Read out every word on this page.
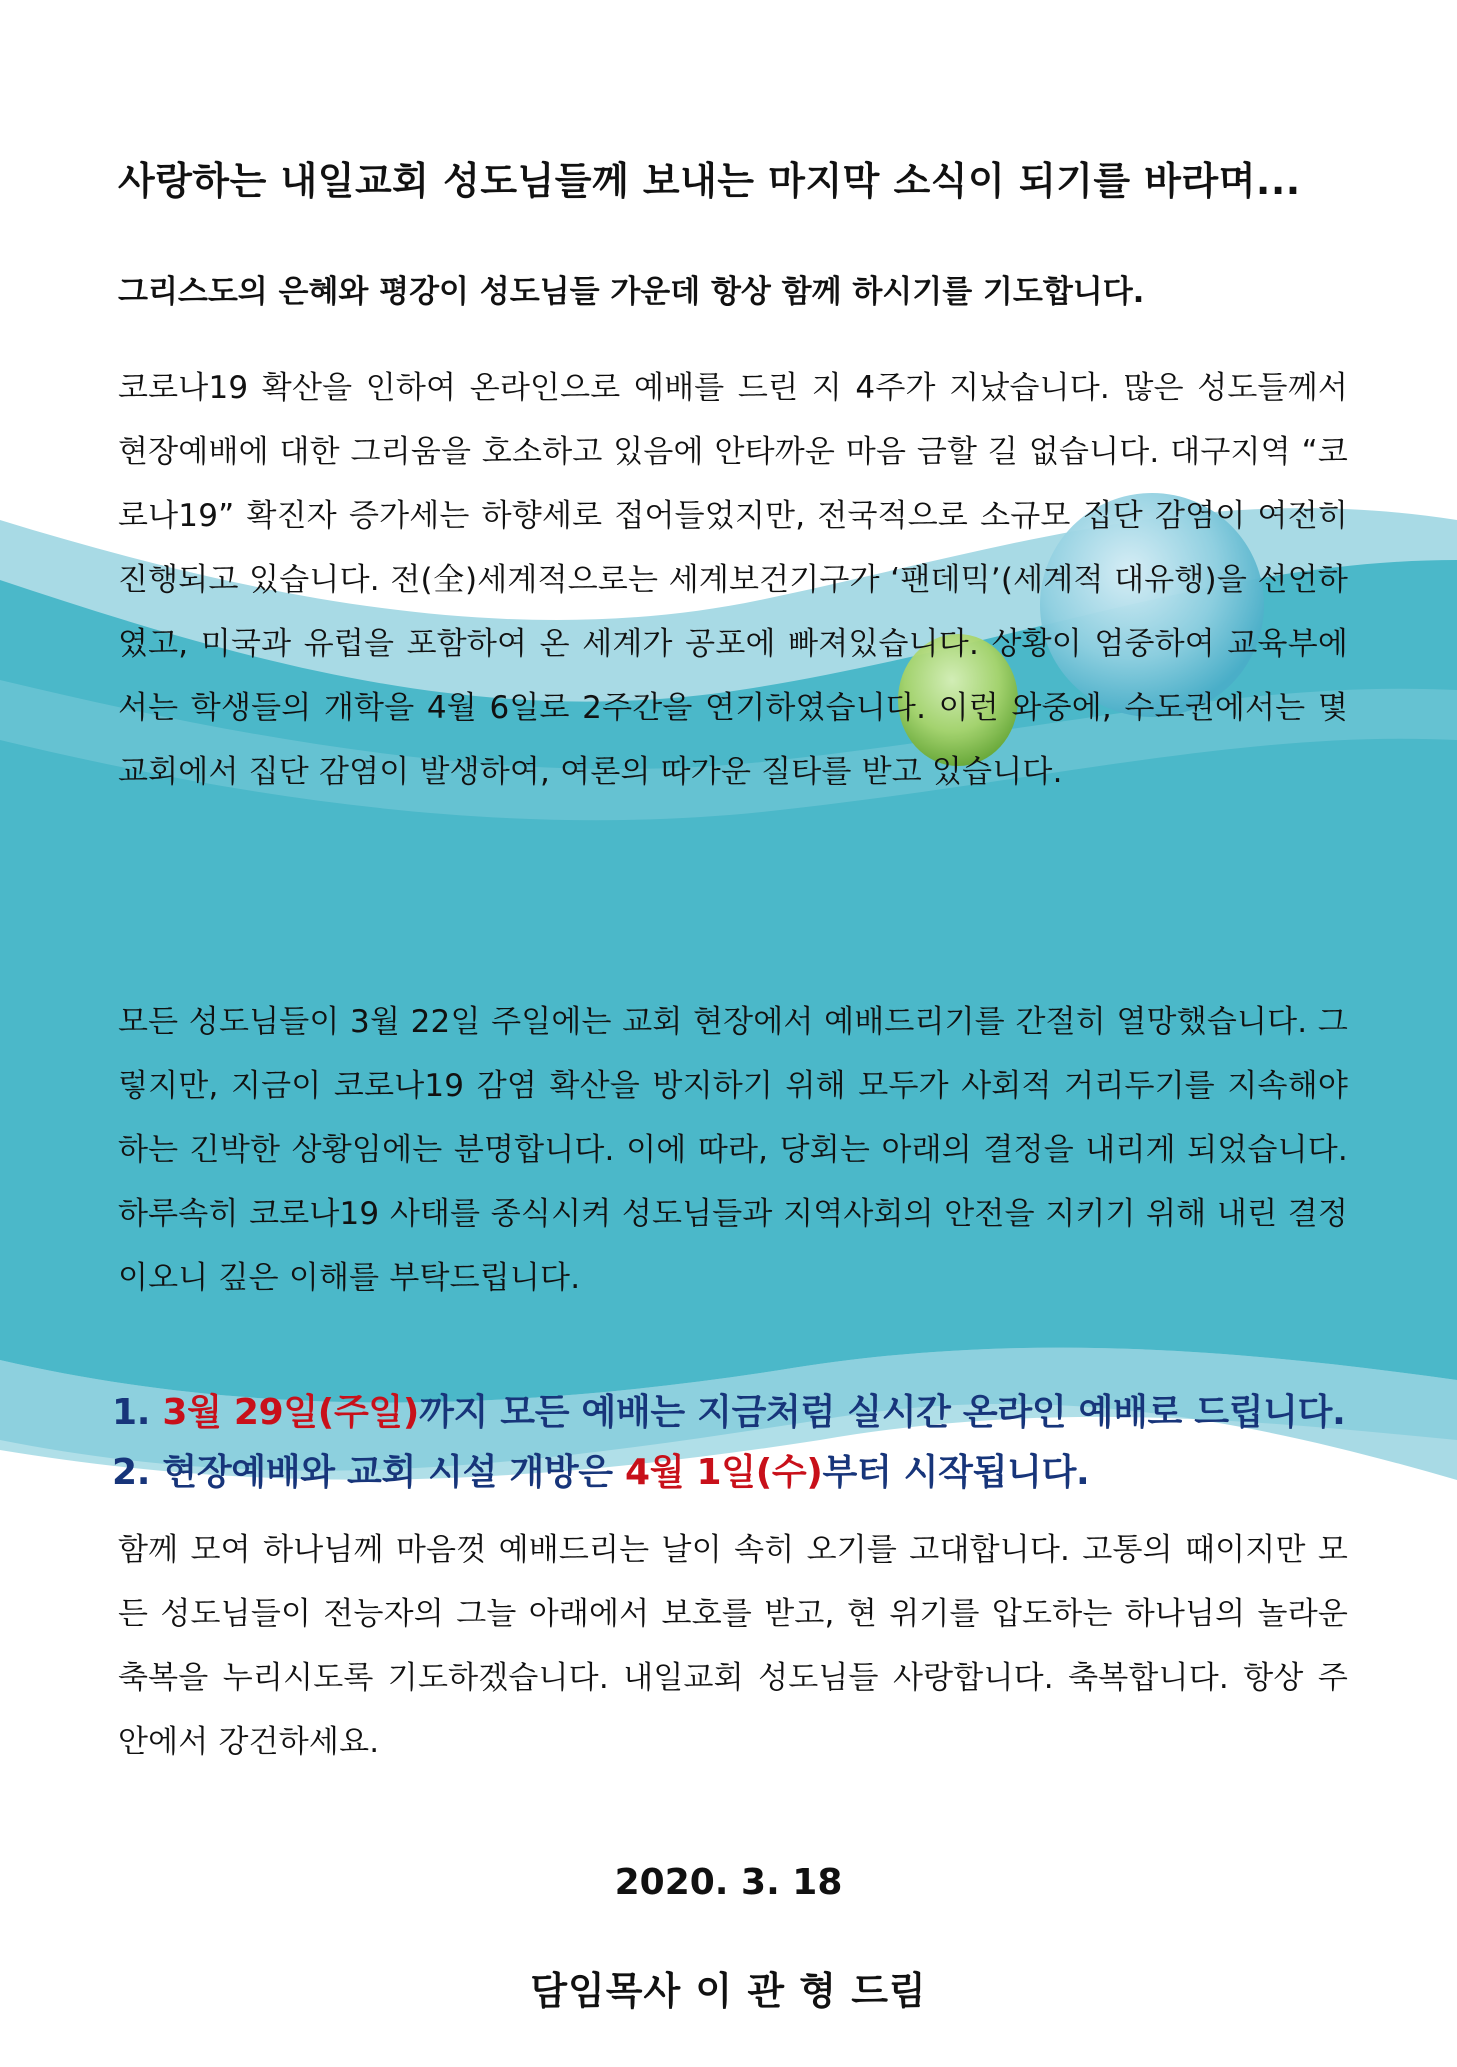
사랑하는 내일교회 성도님들께 보내는 마지막 소식이 되기를 바라며...
그리스도의 은혜와 평강이 성도님들 가운데 항상 함께 하시기를 기도합니다.
코로나19 확산을 인하여 온라인으로 예배를 드린 지 4주가 지났습니다. 많은 성도들께서 현장예배에 대한 그리움을 호소하고 있음에 안타까운 마음 금할 길 없습니다. 대구지역 “코로나19” 확진자 증가세는 하향세로 접어들었지만, 전국적으로 소규모 집단 감염이 여전히 진행되고 있습니다. 전(全)세계적으로는 세계보건기구가 ‘팬데믹’(세계적 대유행)을 선언하였고, 미국과 유럽을 포함하여 온 세계가 공포에 빠져있습니다. 상황이 엄중하여 교육부에서는 학생들의 개학을 4월 6일로 2주간을 연기하였습니다. 이런 와중에, 수도권에서는 몇 교회에서 집단 감염이 발생하여, 여론의 따가운 질타를 받고 있습니다.
모든 성도님들이 3월 22일 주일에는 교회 현장에서 예배드리기를 간절히 열망했습니다. 그렇지만, 지금이 코로나19 감염 확산을 방지하기 위해 모두가 사회적 거리두기를 지속해야 하는 긴박한 상황임에는 분명합니다. 이에 따라, 당회는 아래의 결정을 내리게 되었습니다. 하루속히 코로나19 사태를 종식시켜 성도님들과 지역사회의 안전을 지키기 위해 내린 결정이오니 깊은 이해를 부탁드립니다.
1. 3월 29일(주일)까지 모든 예배는 지금처럼 실시간 온라인 예배로 드립니다.
2. 현장예배와 교회 시설 개방은 4월 1일(수)부터 시작됩니다.
함께 모여 하나님께 마음껏 예배드리는 날이 속히 오기를 고대합니다. 고통의 때이지만 모든 성도님들이 전능자의 그늘 아래에서 보호를 받고, 현 위기를 압도하는 하나님의 놀라운 축복을 누리시도록 기도하겠습니다. 내일교회 성도님들 사랑합니다. 축복합니다. 항상 주 안에서 강건하세요.
2020. 3. 18
담임목사 이 관 형 드림
